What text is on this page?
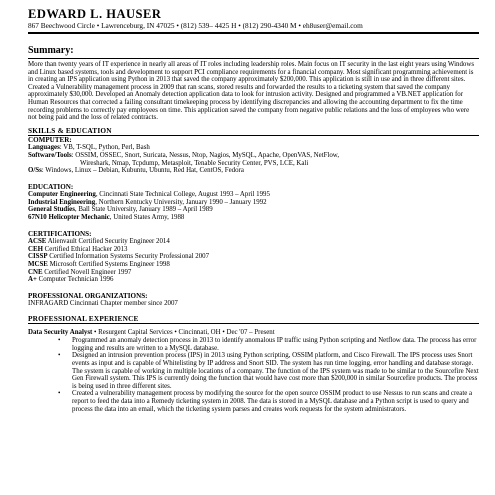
EDWARD L. HAUSER
867 Beechwood Circle • Lawrenceburg, IN 47025 • (812) 539– 4425 H • (812) 290-4340 M • eh8user@email.com
Summary:
More than twenty years of IT experience in nearly all areas of IT roles including leadership roles. Main focus on IT security in the last eight years using Windows and Linux based systems, tools and development to support PCI compliance requirements for a financial company. Most significant programming achievement is in creating an IPS application using Python in 2013 that saved the company approximately $200,000. This application is still in use and in three different sites. Created a Vulnerability management process in 2009 that ran scans, stored results and forwarded the results to a ticketing system that saved the company approximately $30,000. Developed an Anomaly detection application data to look for intrusion activity. Designed and programmed a VB.NET application for Human Resources that corrected a failing consultant timekeeping process by identifying discrepancies and allowing the accounting department to fix the time recording problems to correctly pay employees on time. This application saved the company from negative public relations and the loss of employees who were not being paid and the loss of related contracts.
SKILLS & EDUCATION
COMPUTER:
Languages: VB, T-SQL, Python, Perl, Bash
Software/Tools: OSSIM, OSSEC, Snort, Suricata, Nessus, Ntop, Nagios, MySQL, Apache, OpenVAS, NetFlow,
Wireshark, Nmap, Tcpdump, Metasploit, Tenable Security Center, PVS, LCE, Kali
O/Ss: Windows, Linux – Debian, Kubuntu, Ubuntu, Red Hat, CentOS, Fedora
EDUCATION:
Computer Engineering, Cincinnati State Technical College, August 1993 – April 1995
Industrial Engineering, Northern Kentucky University, January 1990 – January 1992
General Studies, Ball State University, January 1989 – April 1989
67N10 Helicopter Mechanic, United States Army, 1988
CERTIFICATIONS:
ACSE Alienvault Certified Security Engineer 2014
CEH Certified Ethical Hacker 2013
CISSP Certified Information Systems Security Professional 2007
MCSE Microsoft Certified Systems Engineer 1998
CNE Certified Novell Engineer 1997
A+ Computer Technician 1996
PROFESSIONAL ORGANIZATIONS:
INFRAGARD Cincinnati Chapter member since 2007
PROFESSIONAL EXPERIENCE
Data Security Analyst • Resurgent Capital Services • Cincinnati, OH • Dec '07 – Present
• Programmed an anomaly detection process in 2013 to identify anomalous IP traffic using Python scripting and Netflow data. The process has error logging and results are written to a MySQL database.
• Designed an intrusion prevention process (IPS) in 2013 using Python scripting, OSSIM platform, and Cisco Firewall. The IPS process uses Snort events as input and is capable of Whitelisting by IP address and Snort SID. The system has run time logging, error handling and database storage. The system is capable of working in multiple locations of a company. The function of the IPS system was made to be similar to the Sourcefire Next Gen Firewall system. This IPS is currently doing the function that would have cost more than $200,000 in similar Sourcefire products. The process is being used in three different sites.
• Created a vulnerability management process by modifying the source for the open source OSSIM product to use Nessus to run scans and create a report to feed the data into a Remedy ticketing system in 2008. The data is stored in a MySQL database and a Python script is used to query and process the data into an email, which the ticketing system parses and creates work requests for the system administrators.
